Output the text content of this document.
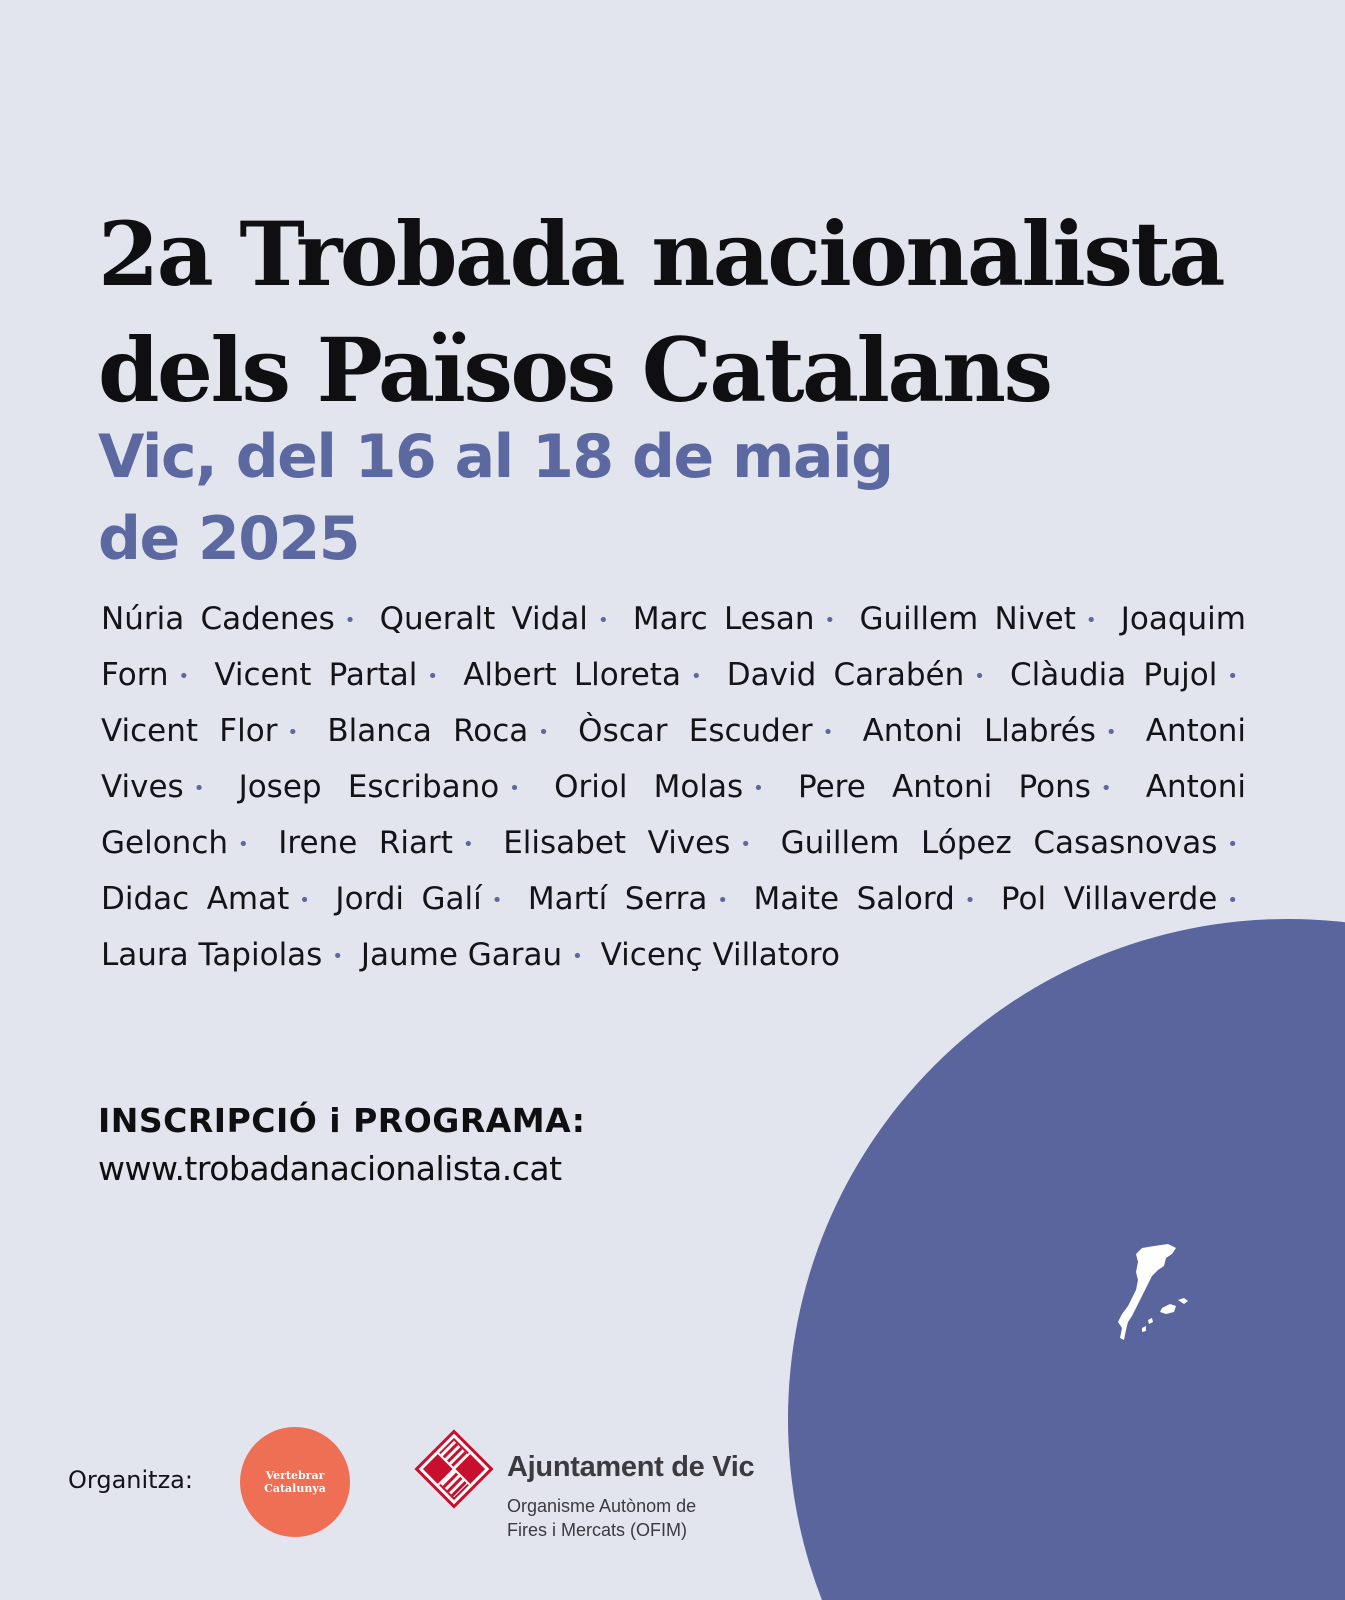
2a Trobada nacionalista
dels Països Catalans
Vic, del 16 al 18 de maig
de 2025
Núria Cadenes • Queralt Vidal • Marc Lesan • Guillem Nivet • Joaquim Forn • Vicent Partal • Albert Lloreta • David Carabén • Clàudia Pujol • Vicent Flor • Blanca Roca • Òscar Escuder • Antoni Llabrés • Antoni Vives • Josep Escribano • Oriol Molas • Pere Antoni Pons • Antoni Gelonch • Irene Riart • Elisabet Vives • Guillem López Casasnovas • Didac Amat • Jordi Galí • Martí Serra • Maite Salord • Pol Villaverde • Laura Tapiolas • Jaume Garau • Vicenç Villatoro
INSCRIPCIÓ i PROGRAMA:
www.trobadanacionalista.cat
Organitza:	Vertebrar
Catalunya
Ajuntament de Vic
Organisme Autònom de
Fires i Mercats (OFIM)
